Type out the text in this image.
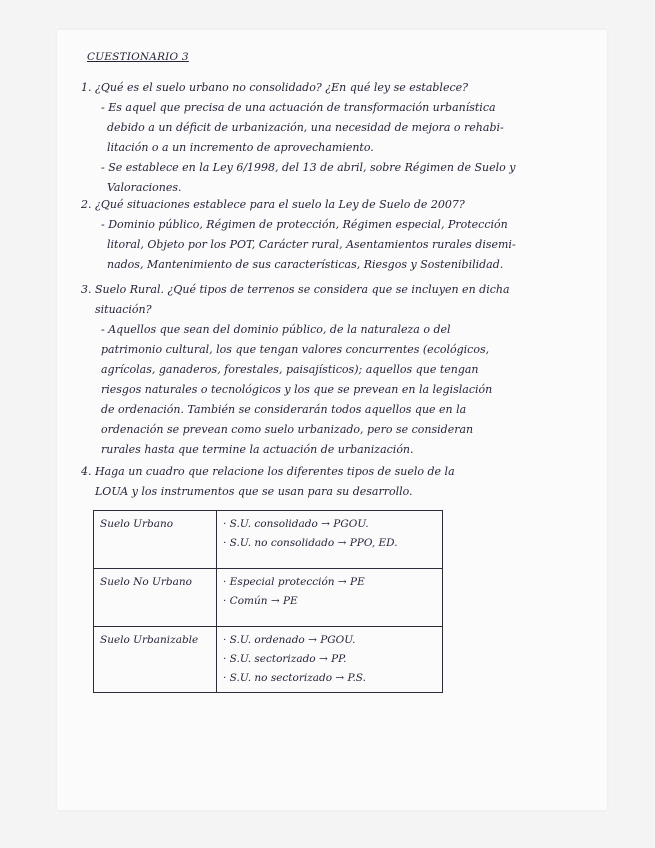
CUESTIONARIO 3
1. ¿Qué es el suelo urbano no consolidado? ¿En qué ley se establece?
- Es aquel que precisa de una actuación de transformación urbanística
debido a un déficit de urbanización, una necesidad de mejora o rehabi-
litación o a un incremento de aprovechamiento.
- Se establece en la Ley 6/1998, del 13 de abril, sobre Régimen de Suelo y
Valoraciones.
2. ¿Qué situaciones establece para el suelo la Ley de Suelo de 2007?
- Dominio público, Régimen de protección, Régimen especial, Protección
litoral, Objeto por los POT, Carácter rural, Asentamientos rurales disemi-
nados, Mantenimiento de sus características, Riesgos y Sostenibilidad.
3. Suelo Rural. ¿Qué tipos de terrenos se considera que se incluyen en dicha
situación?
- Aquellos que sean del dominio público, de la naturaleza o del
patrimonio cultural, los que tengan valores concurrentes (ecológicos,
agrícolas, ganaderos, forestales, paisajísticos); aquellos que tengan
riesgos naturales o tecnológicos y los que se prevean en la legislación
de ordenación. También se considerarán todos aquellos que en la
ordenación se prevean como suelo urbanizado, pero se consideran
rurales hasta que termine la actuación de urbanización.
4. Haga un cuadro que relacione los diferentes tipos de suelo de la
LOUA y los instrumentos que se usan para su desarrollo.
Suelo Urbano	· S.U. consolidado → PGOU.
· S.U. no consolidado → PPO, ED.

Suelo No Urbano	· Especial protección → PE
· Común → PE

Suelo Urbanizable	· S.U. ordenado → PGOU.
· S.U. sectorizado → PP.
· S.U. no sectorizado → P.S.
